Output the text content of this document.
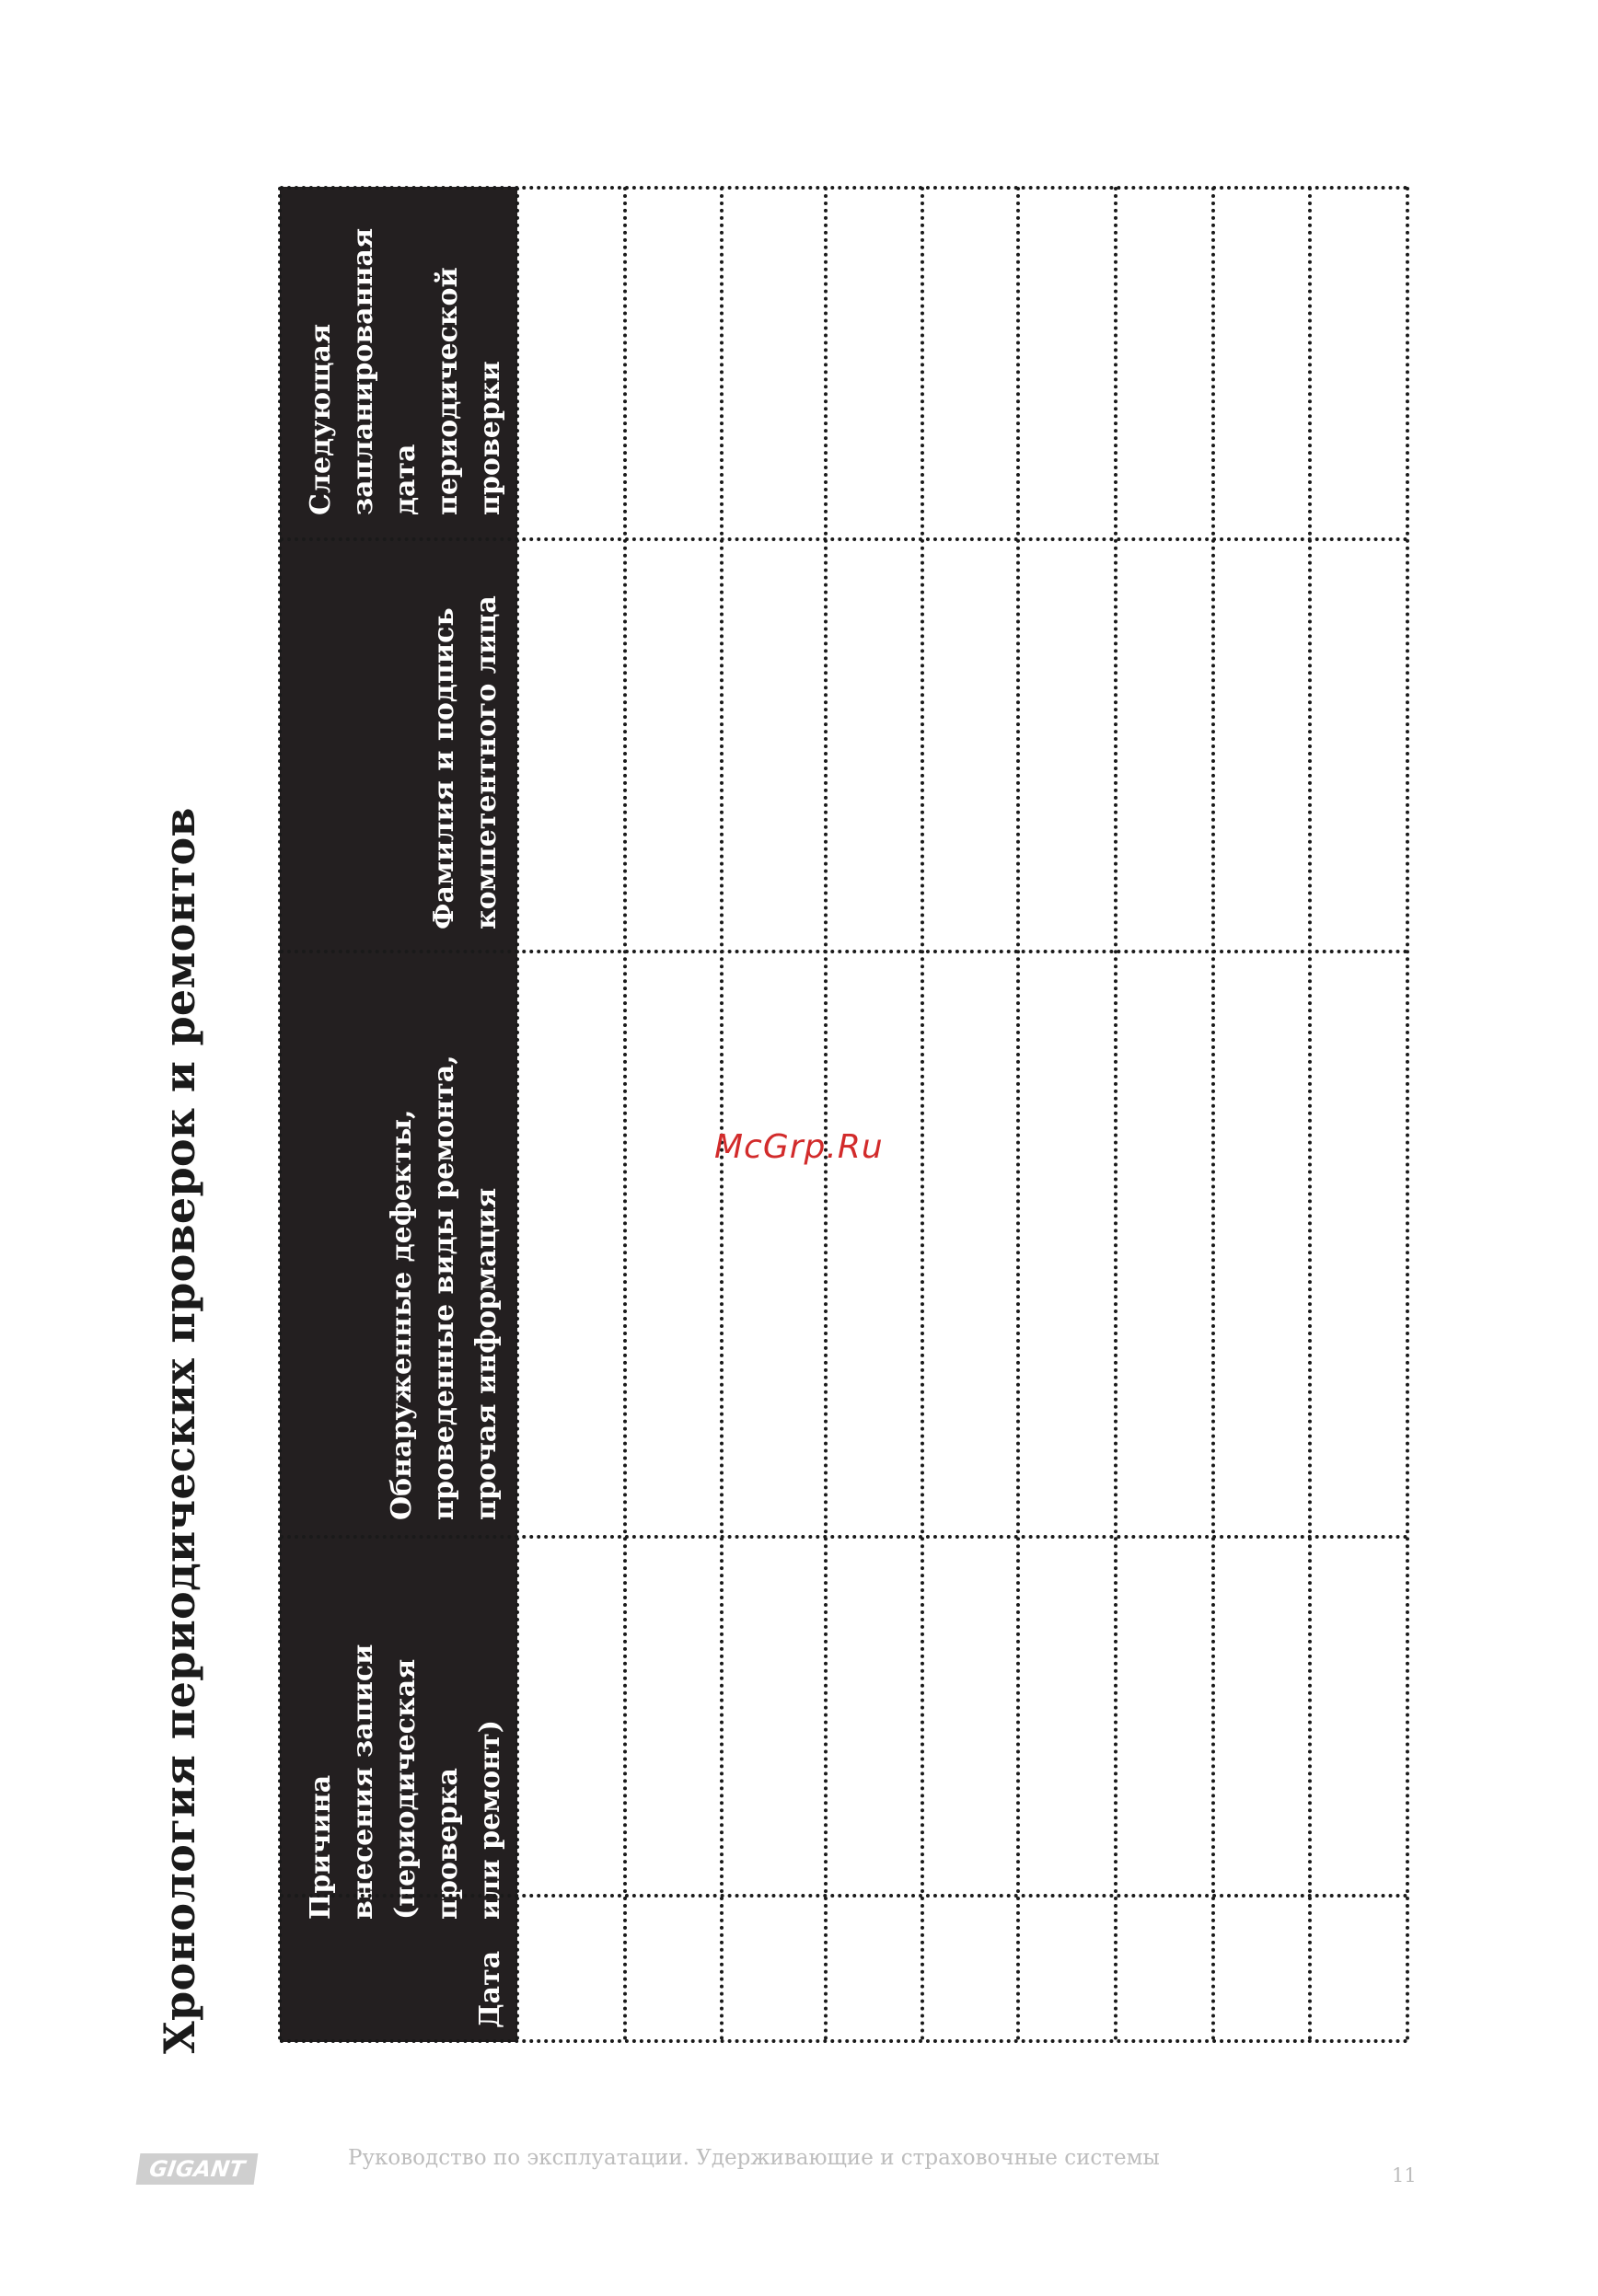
Хронология периодических проверок и ремонтов	Дата
Причина внесения записи (периодическая проверка или ремонт)
Обнаруженные дефекты, проведенные виды ремонта, прочая информация
Фамилия и подпись компетентного лица
Следующая запланированная дата периодической проверки
McGrp.Ru
GIGANT	Руководство по эксплуатации. Удерживающие и страховочные системы
11
